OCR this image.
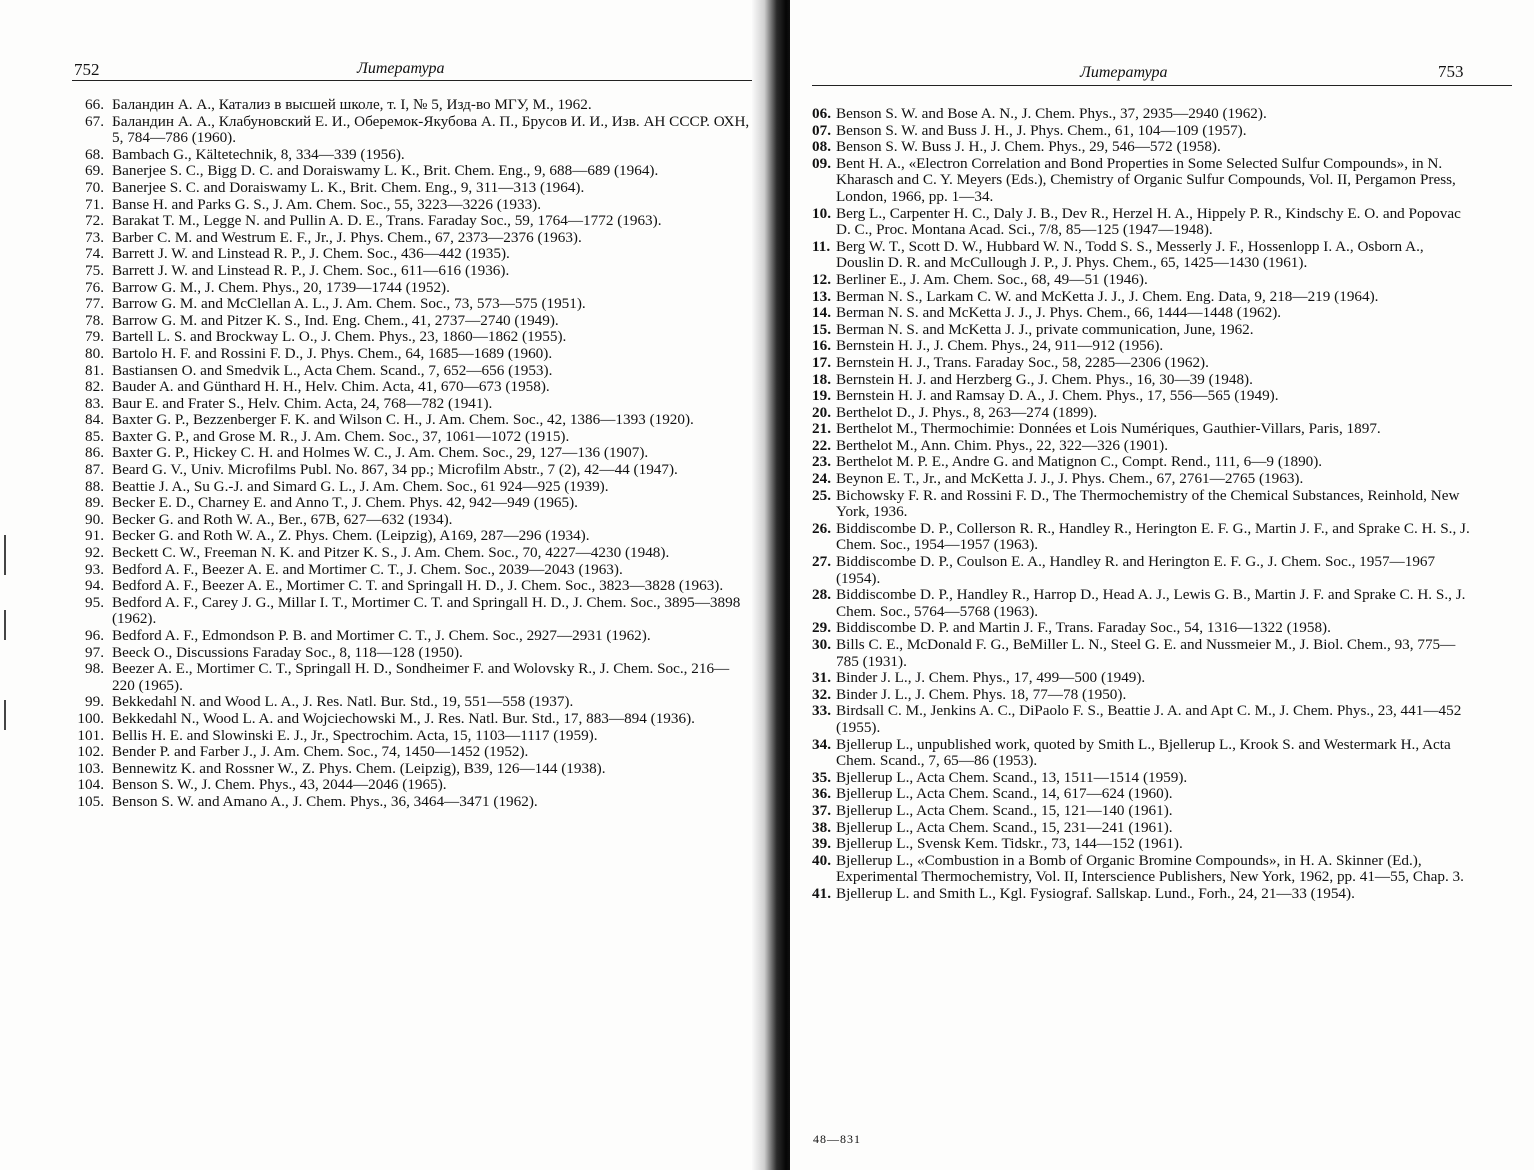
752	Литература
66. Баландин А. А., Катализ в высшей школе, т. I, № 5, Изд-во МГУ, М., 1962.
67. Баландин А. А., Клабуновский Е. И., Оберемок-Якубова А. П., Брусов И. И., Изв. АН СССР. ОХН, 5, 784—786 (1960).
68. Bambach G., Kältetechnik, 8, 334—339 (1956).
69. Banerjee S. C., Bigg D. C. and Doraiswamy L. K., Brit. Chem. Eng., 9, 688—689 (1964).
70. Banerjee S. C. and Doraiswamy L. K., Brit. Chem. Eng., 9, 311—313 (1964).
71. Banse H. and Parks G. S., J. Am. Chem. Soc., 55, 3223—3226 (1933).
72. Barakat T. M., Legge N. and Pullin A. D. E., Trans. Faraday Soc., 59, 1764—1772 (1963).
73. Barber C. M. and Westrum E. F., Jr., J. Phys. Chem., 67, 2373—2376 (1963).
74. Barrett J. W. and Linstead R. P., J. Chem. Soc., 436—442 (1935).
75. Barrett J. W. and Linstead R. P., J. Chem. Soc., 611—616 (1936).
76. Barrow G. M., J. Chem. Phys., 20, 1739—1744 (1952).
77. Barrow G. M. and McClellan A. L., J. Am. Chem. Soc., 73, 573—575 (1951).
78. Barrow G. M. and Pitzer K. S., Ind. Eng. Chem., 41, 2737—2740 (1949).
79. Bartell L. S. and Brockway L. O., J. Chem. Phys., 23, 1860—1862 (1955).
80. Bartolo H. F. and Rossini F. D., J. Phys. Chem., 64, 1685—1689 (1960).
81. Bastiansen O. and Smedvik L., Acta Chem. Scand., 7, 652—656 (1953).
82. Bauder A. and Günthard H. H., Helv. Chim. Acta, 41, 670—673 (1958).
83. Baur E. and Frater S., Helv. Chim. Acta, 24, 768—782 (1941).
84. Baxter G. P., Bezzenberger F. K. and Wilson C. H., J. Am. Chem. Soc., 42, 1386—1393 (1920).
85. Baxter G. P., and Grose M. R., J. Am. Chem. Soc., 37, 1061—1072 (1915).
86. Baxter G. P., Hickey C. H. and Holmes W. C., J. Am. Chem. Soc., 29, 127—136 (1907).
87. Beard G. V., Univ. Microfilms Publ. No. 867, 34 pp.; Microfilm Abstr., 7 (2), 42—44 (1947).
88. Beattie J. A., Su G.-J. and Simard G. L., J. Am. Chem. Soc., 61 924—925 (1939).
89. Becker E. D., Charney E. and Anno T., J. Chem. Phys. 42, 942—949 (1965).
90. Becker G. and Roth W. A., Ber., 67B, 627—632 (1934).
91. Becker G. and Roth W. A., Z. Phys. Chem. (Leipzig), A169, 287—296 (1934).
92. Beckett C. W., Freeman N. K. and Pitzer K. S., J. Am. Chem. Soc., 70, 4227—4230 (1948).
93. Bedford A. F., Beezer A. E. and Mortimer C. T., J. Chem. Soc., 2039—2043 (1963).
94. Bedford A. F., Beezer A. E., Mortimer C. T. and Springall H. D., J. Chem. Soc., 3823—3828 (1963).
95. Bedford A. F., Carey J. G., Millar I. T., Mortimer C. T. and Springall H. D., J. Chem. Soc., 3895—3898 (1962).
96. Bedford A. F., Edmondson P. B. and Mortimer C. T., J. Chem. Soc., 2927—2931 (1962).
97. Beeck O., Discussions Faraday Soc., 8, 118—128 (1950).
98. Beezer A. E., Mortimer C. T., Springall H. D., Sondheimer F. and Wolovsky R., J. Chem. Soc., 216—220 (1965).
99. Bekkedahl N. and Wood L. A., J. Res. Natl. Bur. Std., 19, 551—558 (1937).
100. Bekkedahl N., Wood L. A. and Wojciechowski M., J. Res. Natl. Bur. Std., 17, 883—894 (1936).
101. Bellis H. E. and Slowinski E. J., Jr., Spectrochim. Acta, 15, 1103—1117 (1959).
102. Bender P. and Farber J., J. Am. Chem. Soc., 74, 1450—1452 (1952).
103. Bennewitz K. and Rossner W., Z. Phys. Chem. (Leipzig), B39, 126—144 (1938).
104. Benson S. W., J. Chem. Phys., 43, 2044—2046 (1965).
105. Benson S. W. and Amano A., J. Chem. Phys., 36, 3464—3471 (1962).
Литература	753
06. Benson S. W. and Bose A. N., J. Chem. Phys., 37, 2935—2940 (1962).
07. Benson S. W. and Buss J. H., J. Phys. Chem., 61, 104—109 (1957).
08. Benson S. W. Buss J. H., J. Chem. Phys., 29, 546—572 (1958).
09. Bent H. A., «Electron Correlation and Bond Properties in Some Selected Sulfur Compounds», in N. Kharasch and C. Y. Meyers (Eds.), Chemistry of Organic Sulfur Compounds, Vol. II, Pergamon Press, London, 1966, pp. 1—34.
10. Berg L., Carpenter H. C., Daly J. B., Dev R., Herzel H. A., Hippely P. R., Kindschy E. O. and Popovac D. C., Proc. Montana Acad. Sci., 7/8, 85—125 (1947—1948).
11. Berg W. T., Scott D. W., Hubbard W. N., Todd S. S., Messerly J. F., Hossenlopp I. A., Osborn A., Douslin D. R. and McCullough J. P., J. Phys. Chem., 65, 1425—1430 (1961).
12. Berliner E., J. Am. Chem. Soc., 68, 49—51 (1946).
13. Berman N. S., Larkam C. W. and McKetta J. J., J. Chem. Eng. Data, 9, 218—219 (1964).
14. Berman N. S. and McKetta J. J., J. Phys. Chem., 66, 1444—1448 (1962).
15. Berman N. S. and McKetta J. J., private communication, June, 1962.
16. Bernstein H. J., J. Chem. Phys., 24, 911—912 (1956).
17. Bernstein H. J., Trans. Faraday Soc., 58, 2285—2306 (1962).
18. Bernstein H. J. and Herzberg G., J. Chem. Phys., 16, 30—39 (1948).
19. Bernstein H. J. and Ramsay D. A., J. Chem. Phys., 17, 556—565 (1949).
20. Berthelot D., J. Phys., 8, 263—274 (1899).
21. Berthelot M., Thermochimie: Données et Lois Numériques, Gauthier-Villars, Paris, 1897.
22. Berthelot M., Ann. Chim. Phys., 22, 322—326 (1901).
23. Berthelot M. P. E., Andre G. and Matignon C., Compt. Rend., 111, 6—9 (1890).
24. Beynon E. T., Jr., and McKetta J. J., J. Phys. Chem., 67, 2761—2765 (1963).
25. Bichowsky F. R. and Rossini F. D., The Thermochemistry of the Chemical Substances, Reinhold, New York, 1936.
26. Biddiscombe D. P., Collerson R. R., Handley R., Herington E. F. G., Martin J. F., and Sprake C. H. S., J. Chem. Soc., 1954—1957 (1963).
27. Biddiscombe D. P., Coulson E. A., Handley R. and Herington E. F. G., J. Chem. Soc., 1957—1967 (1954).
28. Biddiscombe D. P., Handley R., Harrop D., Head A. J., Lewis G. B., Martin J. F. and Sprake C. H. S., J. Chem. Soc., 5764—5768 (1963).
29. Biddiscombe D. P. and Martin J. F., Trans. Faraday Soc., 54, 1316—1322 (1958).
30. Bills C. E., McDonald F. G., BeMiller L. N., Steel G. E. and Nussmeier M., J. Biol. Chem., 93, 775—785 (1931).
31. Binder J. L., J. Chem. Phys., 17, 499—500 (1949).
32. Binder J. L., J. Chem. Phys. 18, 77—78 (1950).
33. Birdsall C. M., Jenkins A. C., DiPaolo F. S., Beattie J. A. and Apt C. M., J. Chem. Phys., 23, 441—452 (1955).
34. Bjellerup L., unpublished work, quoted by Smith L., Bjellerup L., Krook S. and Westermark H., Acta Chem. Scand., 7, 65—86 (1953).
35. Bjellerup L., Acta Chem. Scand., 13, 1511—1514 (1959).
36. Bjellerup L., Acta Chem. Scand., 14, 617—624 (1960).
37. Bjellerup L., Acta Chem. Scand., 15, 121—140 (1961).
38. Bjellerup L., Acta Chem. Scand., 15, 231—241 (1961).
39. Bjellerup L., Svensk Kem. Tidskr., 73, 144—152 (1961).
40. Bjellerup L., «Combustion in a Bomb of Organic Bromine Compounds», in H. A. Skinner (Ed.), Experimental Thermochemistry, Vol. II, Interscience Publishers, New York, 1962, pp. 41—55, Chap. 3.
41. Bjellerup L. and Smith L., Kgl. Fysiograf. Sallskap. Lund., Forh., 24, 21—33 (1954).
48—831
